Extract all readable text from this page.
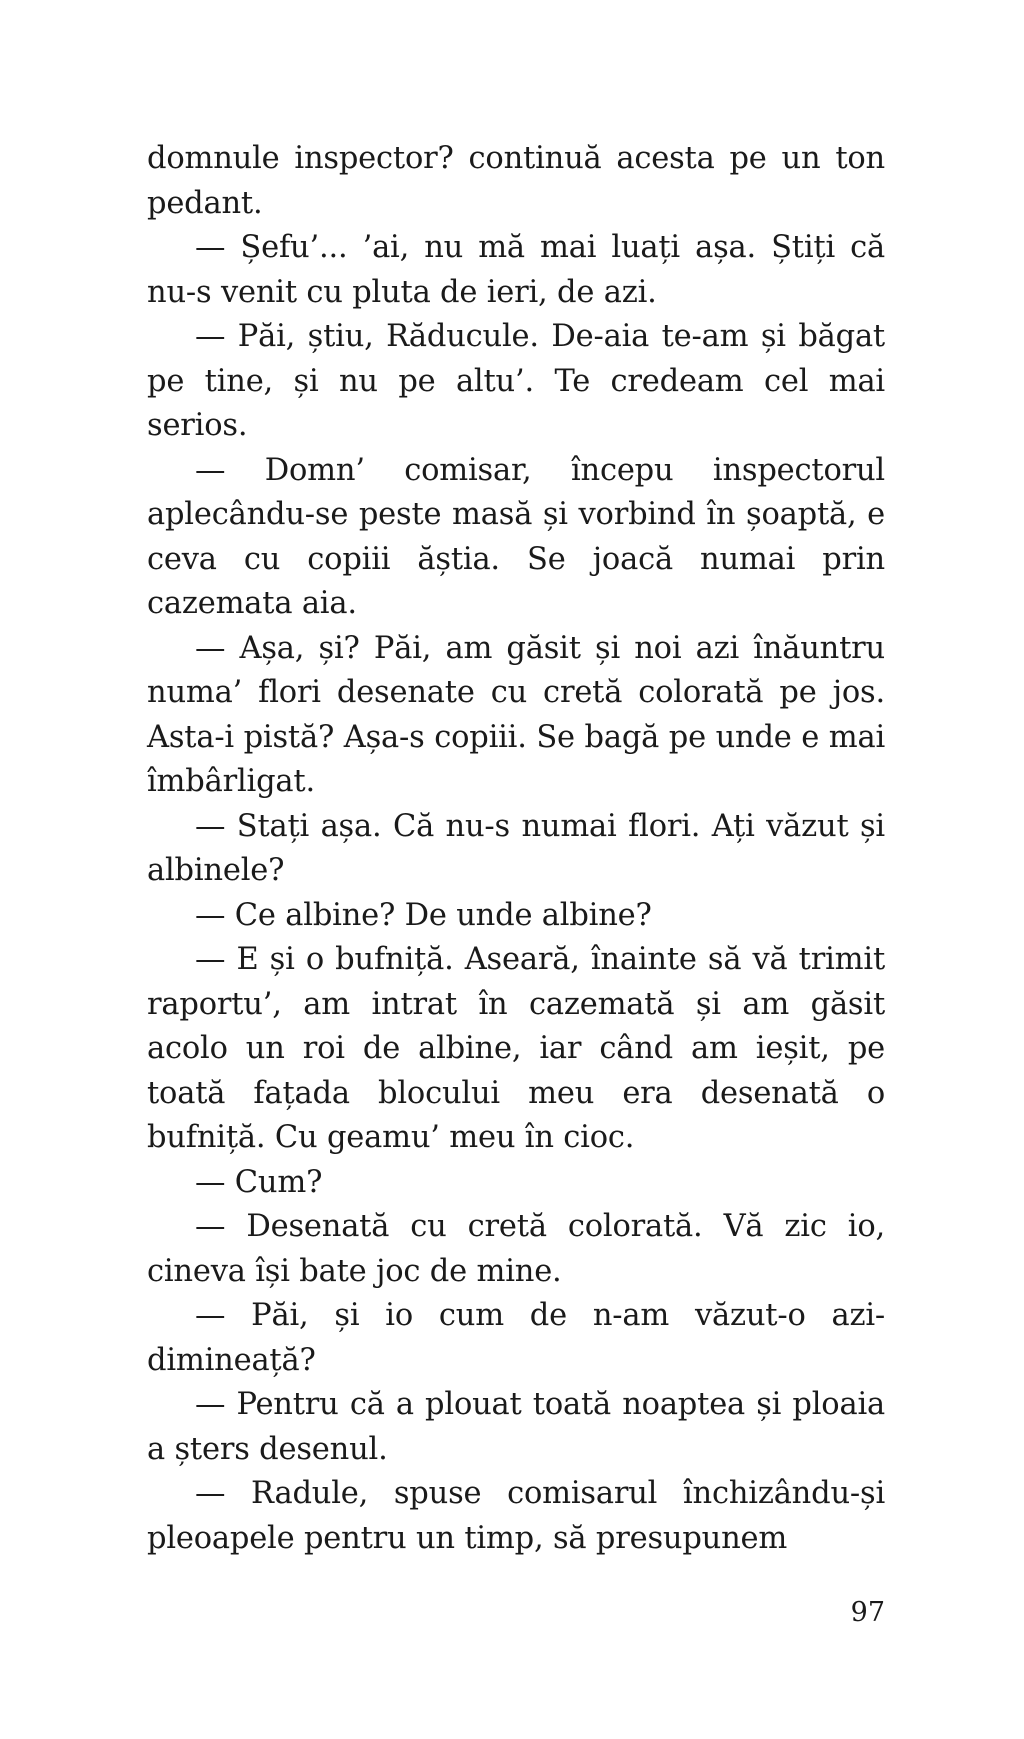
domnule inspector? continuă acesta pe un ton pedant.

— Șefu’... ’ai, nu mă mai luați așa. Știți că nu-s venit cu pluta de ieri, de azi.

— Păi, știu, Răducule. De-aia te-am și băgat pe tine, și nu pe altu’. Te credeam cel mai serios.

— Domn’ comisar, începu inspectorul aplecându-se peste masă și vorbind în șoaptă, e ceva cu copiii ăștia. Se joacă numai prin cazemata aia.

— Așa, și? Păi, am găsit și noi azi înăuntru numa’ flori desenate cu cretă colorată pe jos. Asta-i pistă? Așa-s copiii. Se bagă pe unde e mai îmbârligat.

— Stați așa. Că nu-s numai flori. Ați văzut și albinele?

— Ce albine? De unde albine?

— E și o bufniță. Aseară, înainte să vă trimit raportu’, am intrat în cazemată și am găsit acolo un roi de albine, iar când am ieșit, pe toată fațada blocului meu era desenată o bufniță. Cu geamu’ meu în cioc.

— Cum?

— Desenată cu cretă colorată. Vă zic io, cineva își bate joc de mine.

— Păi, și io cum de n-am văzut-o azi-dimineață?

— Pentru că a plouat toată noaptea și ploaia a șters desenul.

— Radule, spuse comisarul închizându-și pleoapele pentru un timp, să presupunem

97
